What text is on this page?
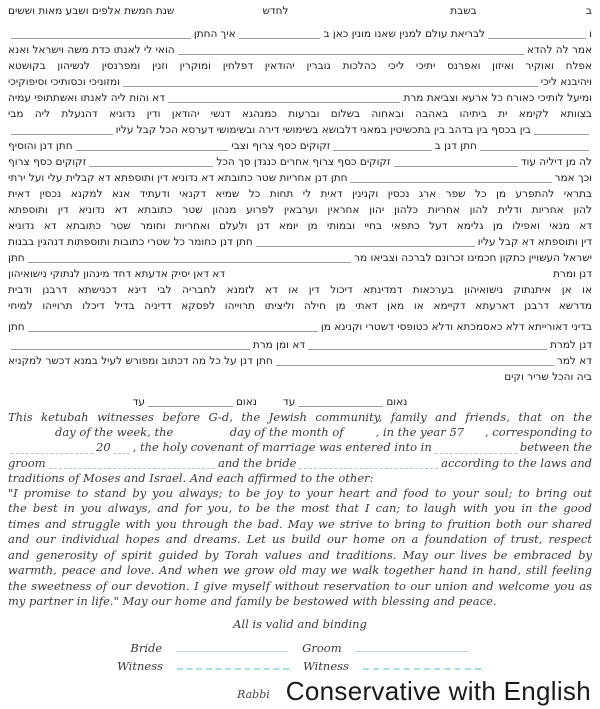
ב
בשבת
לחדש
שנת חמשת אלפים ושבע מאות וששים
ו
לבריאת עולם למנין שאנו מונין כאן ב
איך החתן
אמר לה להדא
הואי לי לאנתו כדת משה וישראל ואנא
אפלח ואוקיר ואיזון ואפרנס יתיכי ליכי כהלכות גוברין יהודאין דפלחין ומוקרין וזנין ומפרנסין לנשיהון בקושטא
ויהיבנא ליכי
ומזוניכי וכסותיכי וסיפוקיכי
ומיעל לותיכי כאורח כל ארעא וצביאת מרת
דא והות ליה לאנתו ואשתתופי עמיה
בצוותא לקימא ית ביתיהו באהבה ובאחוה בשלום וברעות כמנהגא דנשי יהודאן ודין נדוניא דהנעלת ליה מבי
בין בכסף בין בדהב בין בתכשיטין במאני דלבושא בשימושי דירה ובשימושי דערסא הכל קבל עליו
חתן דנן ב
זקוקים כסף צרוף וצבי
חתן דנן והוסיף
לה מן דיליה עוד
זקוקים כסף צרוף אחרים כנגדן סך הכל
זקוקים כסף צרוף
וכך אמר
חתן דנן אחריות שטר כתובתא דא נדוניא דין ותוספתא דא קבלית עלי ועל ירתי
בתראי להתפרע מן כל שפר ארג נכסין וקנינין דאית לי תחות כל שמיא דקנאי ודעתיד אנא למקנא נכסין דאית
להון אחריות ודלית להון אחריות כלהון יהון אחראין וערבאין לפרוע מנהון שטר כתובתא דא נדוניא דין ותוספתא
דא מנאי ואפילו מן גלימא דעל כתפאי בחיי ובמותי מן יומא דנן ולעלם ואחריות וחומר שטר כתובתא דא נדוניא
דין ותוספתא דא קבל עליו
חתן דנן כחומר כל שטרי כתובות ותוספתות דנהגין בבנות
ישראל העשויין כתקון חכמינו זכרונם לברכה וצביאו מר
חתן
דנן ומרת
דא דאן יסיק אדעתא דחד מינהון לנתוקי נישואיהון
או אן איתנתוק נישואיהון בערכאות דמדינתא דיכול דין או דא לזמנא לחבריה לבי דינא דכנישתא דרבנן ודבית
מדרשא דרבנן דארעתא דקיימא או מאן דאתי מן חילה וליציתו תרוייהו לפסקא דדיניה בדיל דיכלו תרוייהו למיחי
בדיני דאורייתא דלא כאסמכתא ודלא כטופסי דשטרי וקנינא מן
חתן
דנן למרת
דא ומן מרת
דא למר
חתן דנן על כל מה דכתוב ומפורש לעיל במנא דכשר למקניא
ביה והכל שריר וקים
נאום
עד
נאום
עד
This ketubah witnesses before G-d, the Jewish community, family and friends, that on the
day of the week, the	day of the month of	, in the year 57 , corresponding to
20 , the holy covenant of marriage was entered into in	between the
groom	and the bride	according to the laws and
traditions of Moses and Israel. And each affirmed to the other:
"I promise to stand by you always; to be joy to your heart and food to your soul; to bring out
the best in you always, and for you, to be the most that I can; to laugh with you in the good
times and struggle with you through the bad. May we strive to bring to fruition both our shared
and our individual hopes and dreams. Let us build our home on a foundation of trust, respect
and generosity of spirit guided by Torah values and traditions. May our lives be embraced by
warmth, peace and love. And when we grow old may we walk together hand in hand, still feeling
the sweetness of our devotion. I give myself without reservation to our union and welcome you as
my partner in life." May our home and family be bestowed with blessing and peace.
All is valid and binding
Bride	Groom
Witness	Witness
Rabbi Conservative with English
